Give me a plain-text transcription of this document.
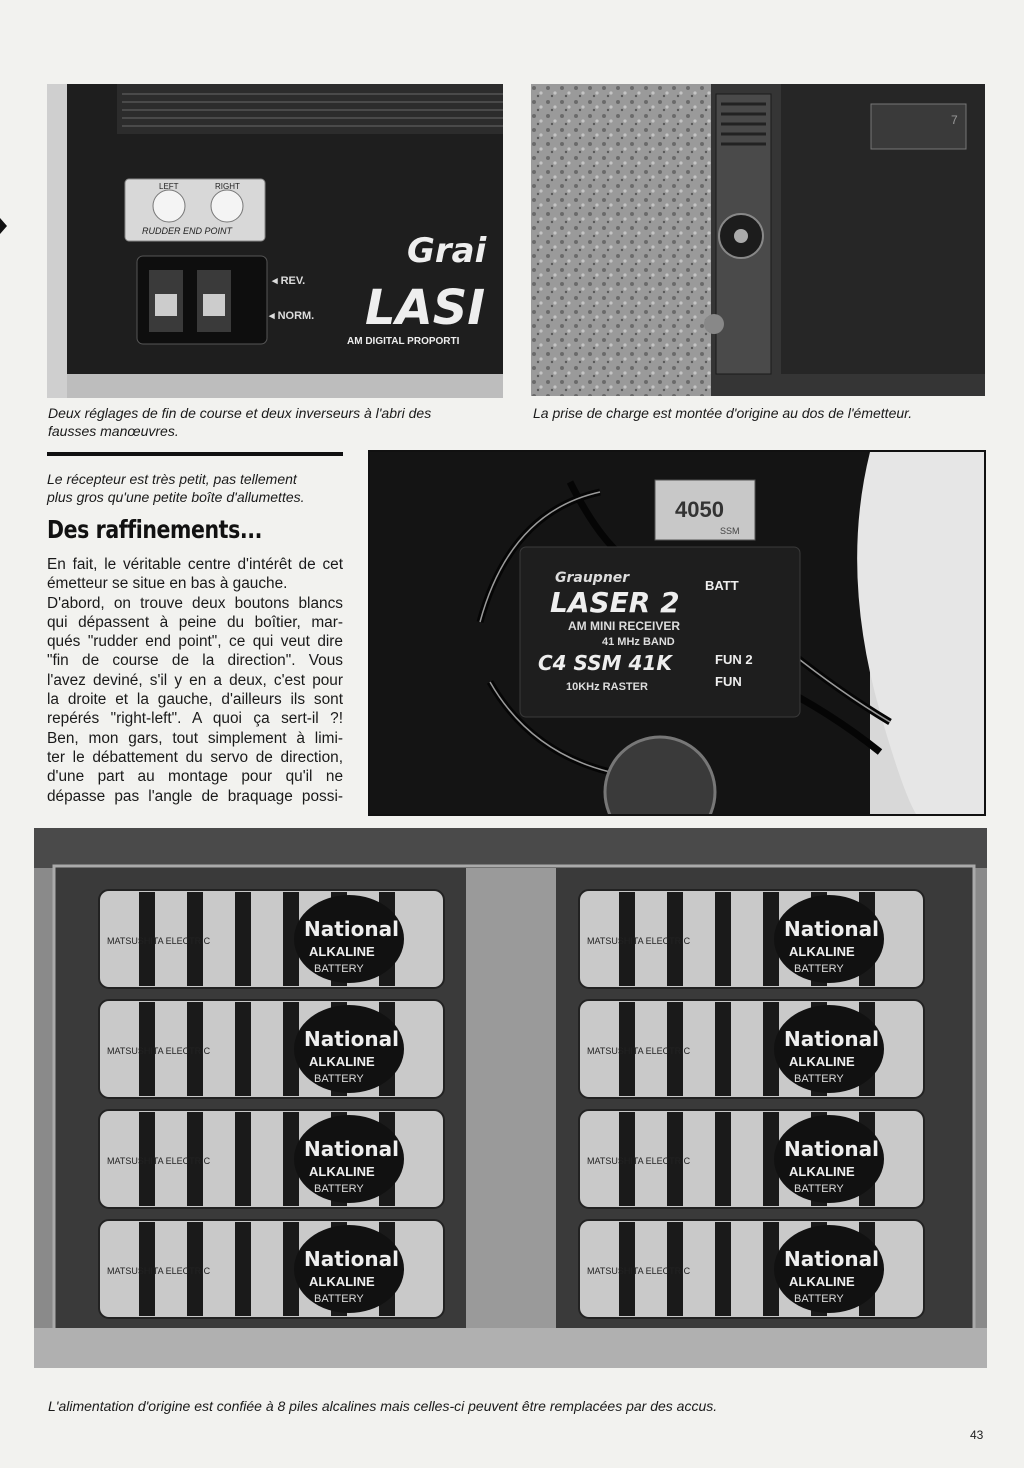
LEFT	RIGHT
RUDDER END POINT
◂ REV.
◂ NORM.
Grai
LASI
AM DIGITAL PROPORTI
7
Deux réglages de fin de course et deux inverseurs à l'abri des
fausses manœuvres.
La prise de charge est montée d'origine au dos de l'émetteur.
Le récepteur est très petit, pas tellement
plus gros qu'une petite boîte d'allumettes.
Des raffinements...
En fait, le véritable centre d'intérêt de cet
émetteur se situe en bas à gauche.
D'abord, on trouve deux boutons blancs
qui dépassent à peine du boîtier, mar-
qués "rudder end point", ce qui veut dire
"fin de course de la direction". Vous
l'avez deviné, s'il y en a deux, c'est pour
la droite et la gauche, d'ailleurs ils sont
repérés "right-left". A quoi ça sert-il ?!
Ben, mon gars, tout simplement à limi-
ter le débattement du servo de direction,
d'une part au montage pour qu'il ne
dépasse pas l'angle de braquage possi-
4050
SSM
Graupner
LASER 2
AM MINI RECEIVER
41 MHz BAND
C4 SSM 41K
10KHz RASTER
BATT
FUN 2
FUN
National
ALKALINE
BATTERY
MATSUSHITA ELECTRIC
National
ALKALINE
BATTERY
MATSUSHITA ELECTRIC
National
ALKALINE
BATTERY
MATSUSHITA ELECTRIC
National
ALKALINE
BATTERY
MATSUSHITA ELECTRIC
National
ALKALINE
BATTERY
MATSUSHITA ELECTRIC
National
ALKALINE
BATTERY
MATSUSHITA ELECTRIC
National
ALKALINE
BATTERY
MATSUSHITA ELECTRIC
National
ALKALINE
BATTERY
MATSUSHITA ELECTRIC
L'alimentation d'origine est confiée à 8 piles alcalines mais celles-ci peuvent être remplacées par des accus.
43
